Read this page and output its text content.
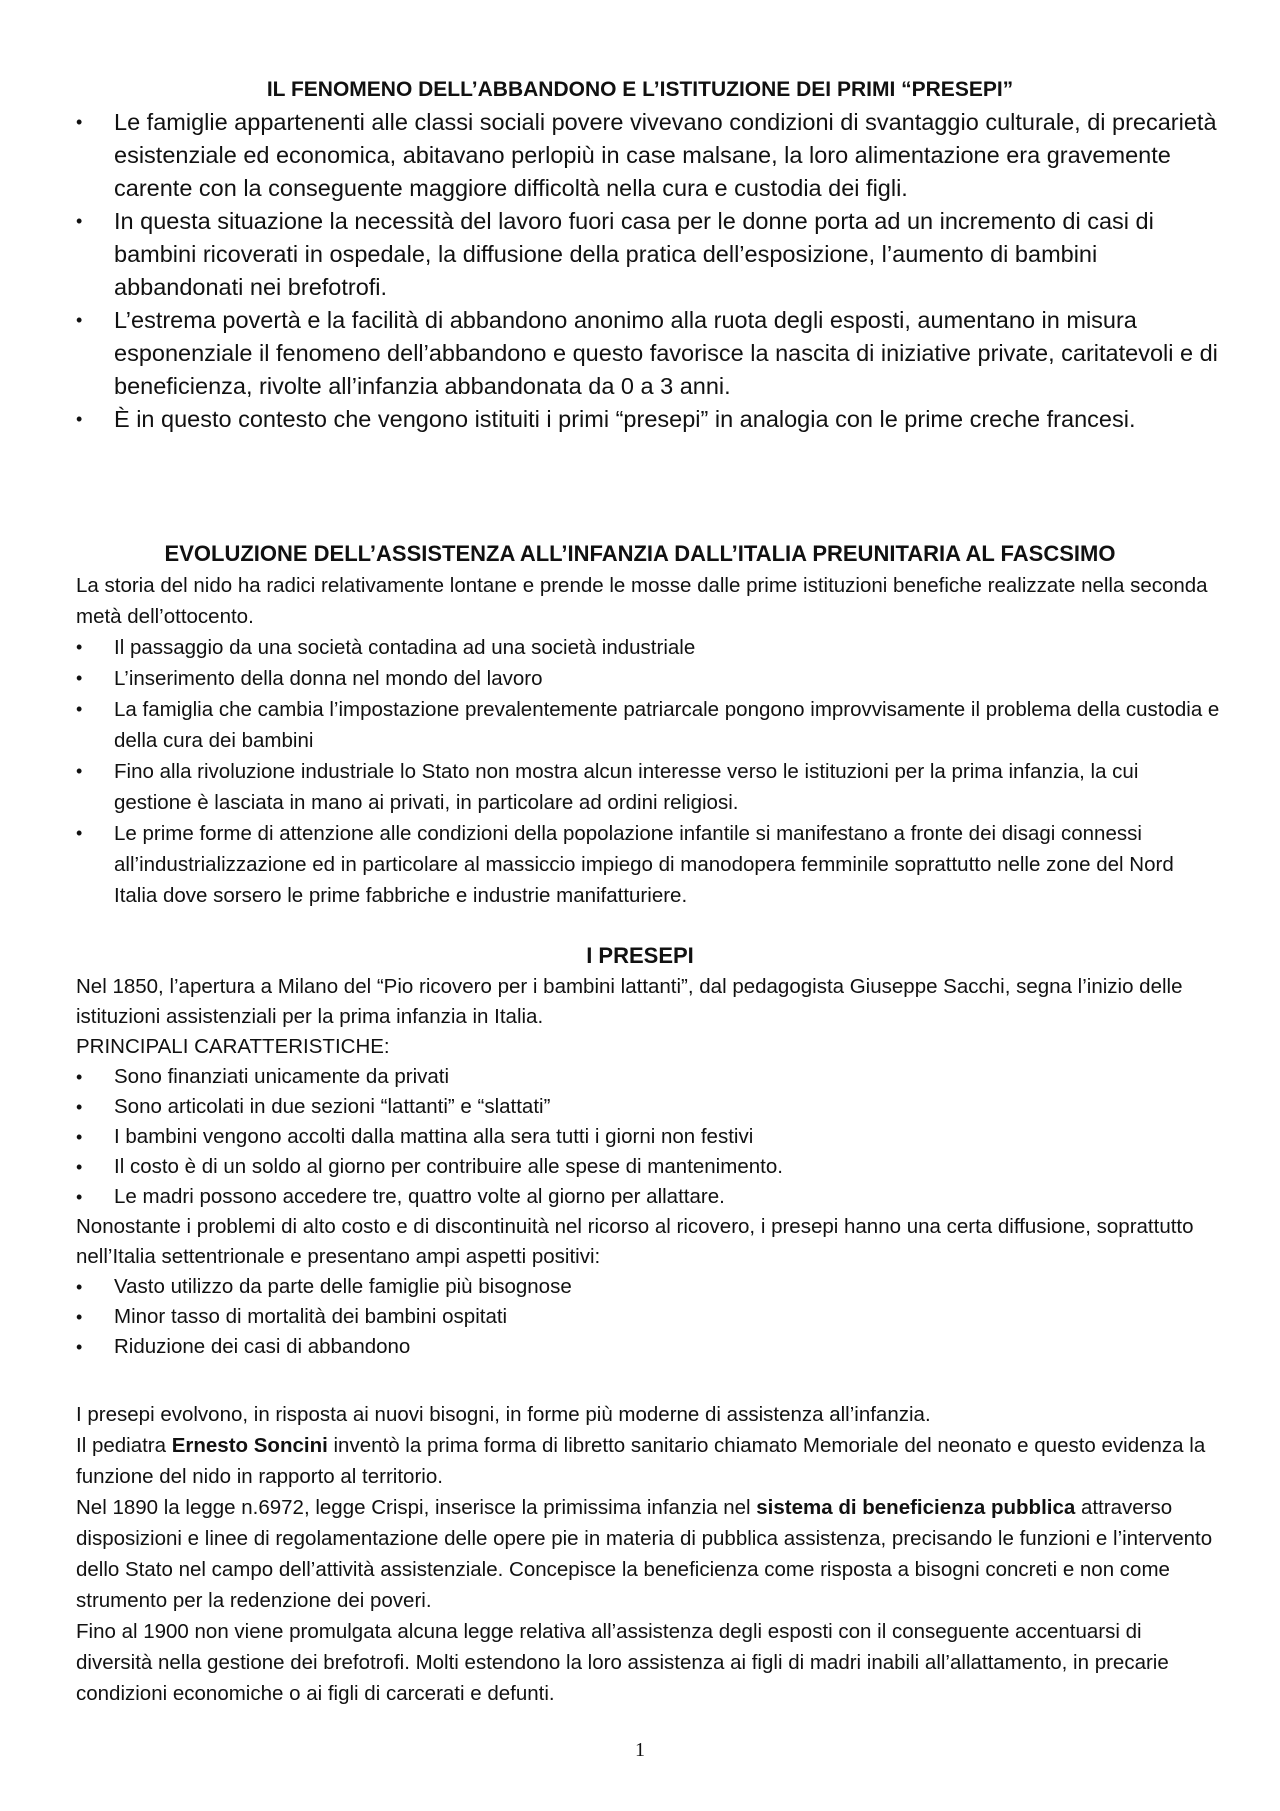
IL FENOMENO DELL’ABBANDONO E L’ISTITUZIONE DEI PRIMI “PRESEPI”
• Le famiglie appartenenti alle classi sociali povere vivevano condizioni di svantaggio culturale, di precarietà esistenziale ed economica, abitavano perlopiù in case malsane, la loro alimentazione era gravemente carente con la conseguente maggiore difficoltà nella cura e custodia dei figli.
• In questa situazione la necessità del lavoro fuori casa per le donne porta ad un incremento di casi di bambini ricoverati in ospedale, la diffusione della pratica dell’esposizione, l’aumento di bambini abbandonati nei brefotrofi.
• L’estrema povertà e la facilità di abbandono anonimo alla ruota degli esposti, aumentano in misura esponenziale il fenomeno dell’abbandono e questo favorisce la nascita di iniziative private, caritatevoli e di beneficienza, rivolte all’infanzia abbandonata da 0 a 3 anni.
• È in questo contesto che vengono istituiti i primi “presepi” in analogia con le prime creche francesi.
EVOLUZIONE DELL’ASSISTENZA ALL’INFANZIA DALL’ITALIA PREUNITARIA AL FASCSIMO

La storia del nido ha radici relativamente lontane e prende le mosse dalle prime istituzioni benefiche realizzate nella seconda metà dell’ottocento.

• Il passaggio da una società contadina ad una società industriale
• L’inserimento della donna nel mondo del lavoro
• La famiglia che cambia l’impostazione prevalentemente patriarcale pongono improvvisamente il problema della custodia e della cura dei bambini
• Fino alla rivoluzione industriale lo Stato non mostra alcun interesse verso le istituzioni per la prima infanzia, la cui gestione è lasciata in mano ai privati, in particolare ad ordini religiosi.
• Le prime forme di attenzione alle condizioni della popolazione infantile si manifestano a fronte dei disagi connessi all’industrializzazione ed in particolare al massiccio impiego di manodopera femminile soprattutto nelle zone del Nord Italia dove sorsero le prime fabbriche e industrie manifatturiere.
I PRESEPI

Nel 1850, l’apertura a Milano del “Pio ricovero per i bambini lattanti”, dal pedagogista Giuseppe Sacchi, segna l’inizio delle istituzioni assistenziali per la prima infanzia in Italia.

PRINCIPALI CARATTERISTICHE:

• Sono finanziati unicamente da privati
• Sono articolati in due sezioni “lattanti” e “slattati”
• I bambini vengono accolti dalla mattina alla sera tutti i giorni non festivi
• Il costo è di un soldo al giorno per contribuire alle spese di mantenimento.
• Le madri possono accedere tre, quattro volte al giorno per allattare.

Nonostante i problemi di alto costo e di discontinuità nel ricorso al ricovero, i presepi hanno una certa diffusione, soprattutto nell’Italia settentrionale e presentano ampi aspetti positivi:

• Vasto utilizzo da parte delle famiglie più bisognose
• Minor tasso di mortalità dei bambini ospitati
• Riduzione dei casi di abbandono

I presepi evolvono, in risposta ai nuovi bisogni, in forme più moderne di assistenza all’infanzia.

Il pediatra Ernesto Soncini inventò la prima forma di libretto sanitario chiamato Memoriale del neonato e questo evidenza la funzione del nido in rapporto al territorio.

Nel 1890 la legge n.6972, legge Crispi, inserisce la primissima infanzia nel sistema di beneficienza pubblica attraverso disposizioni e linee di regolamentazione delle opere pie in materia di pubblica assistenza, precisando le funzioni e l’intervento dello Stato nel campo dell’attività assistenziale. Concepisce la beneficienza come risposta a bisogni concreti e non come strumento per la redenzione dei poveri.

Fino al 1900 non viene promulgata alcuna legge relativa all’assistenza degli esposti con il conseguente accentuarsi di diversità nella gestione dei brefotrofi. Molti estendono la loro assistenza ai figli di madri inabili all’allattamento, in precarie condizioni economiche o ai figli di carcerati e defunti.

1
